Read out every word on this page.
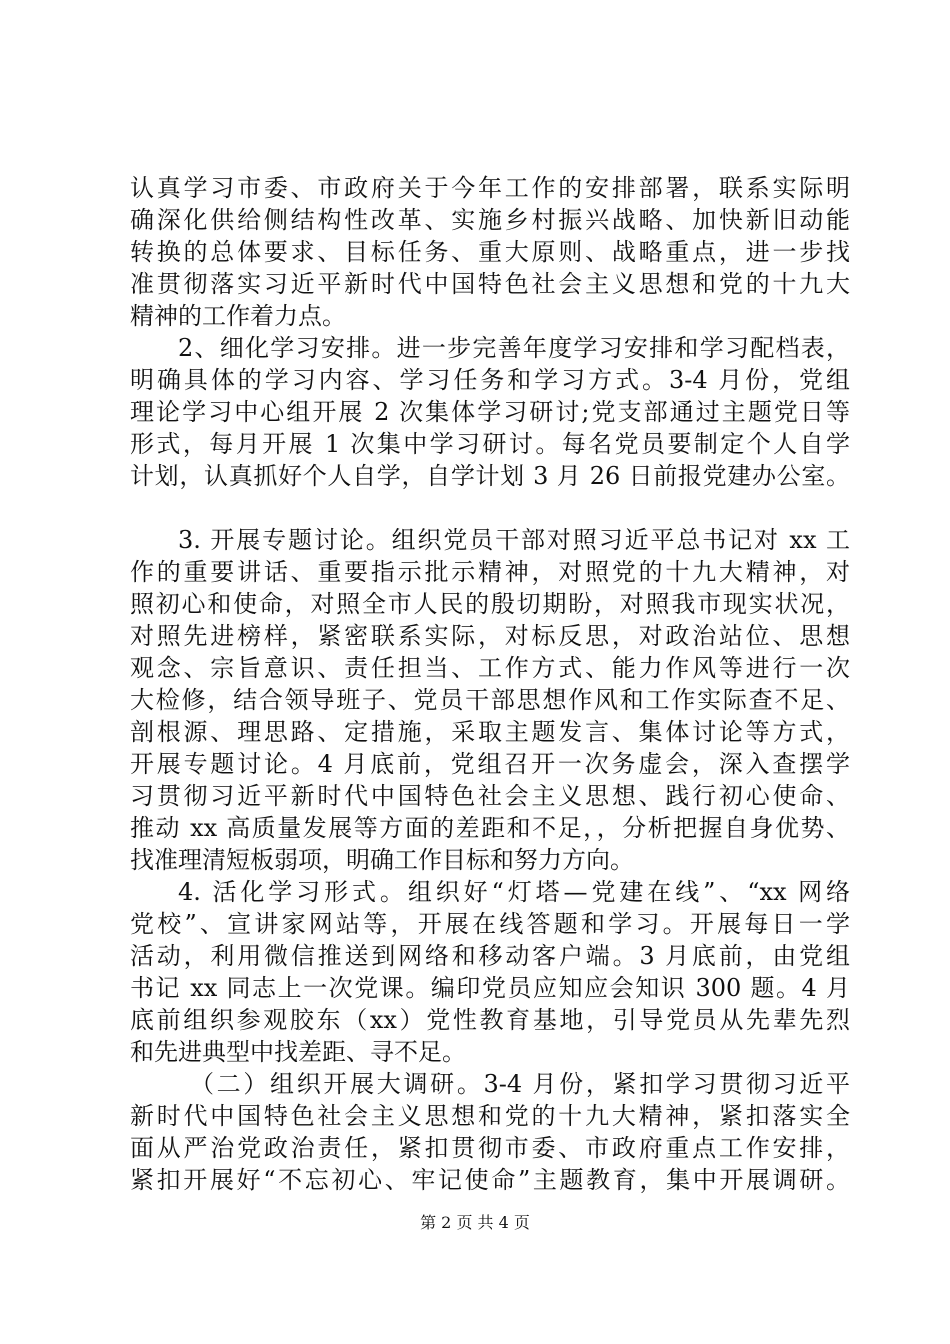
认真学习市委、市政府关于今年工作的安排部署，联系实际明
确深化供给侧结构性改革、实施乡村振兴战略、加快新旧动能
转换的总体要求、目标任务、重大原则、战略重点，进一步找
准贯彻落实习近平新时代中国特色社会主义思想和党的十九大
精神的工作着力点。
2、细化学习安排。进一步完善年度学习安排和学习配档表，
明确具体的学习内容、学习任务和学习方式。3-4 月份，党组
理论学习中心组开展 2 次集体学习研讨;党支部通过主题党日等
形式，每月开展 1 次集中学习研讨。每名党员要制定个人自学
计划，认真抓好个人自学，自学计划 3 月 26 日前报党建办公室。
3. 开展专题讨论。组织党员干部对照习近平总书记对 xx 工
作的重要讲话、重要指示批示精神，对照党的十九大精神，对
照初心和使命，对照全市人民的殷切期盼，对照我市现实状况，
对照先进榜样，紧密联系实际，对标反思，对政治站位、思想
观念、宗旨意识、责任担当、工作方式、能力作风等进行一次
大检修，结合领导班子、党员干部思想作风和工作实际查不足、
剖根源、理思路、定措施，采取主题发言、集体讨论等方式，
开展专题讨论。4 月底前，党组召开一次务虚会，深入查摆学
习贯彻习近平新时代中国特色社会主义思想、践行初心使命、
推动 xx 高质量发展等方面的差距和不足，，分析把握自身优势、
找准理清短板弱项，明确工作目标和努力方向。
4. 活化学习形式。组织好“灯塔—党建在线”、“xx 网络
党校”、宣讲家网站等，开展在线答题和学习。开展每日一学
活动，利用微信推送到网络和移动客户端。3 月底前，由党组
书记 xx 同志上一次党课。编印党员应知应会知识 300 题。4 月
底前组织参观胶东（xx）党性教育基地，引导党员从先辈先烈
和先进典型中找差距、寻不足。
（二）组织开展大调研。3-4 月份，紧扣学习贯彻习近平
新时代中国特色社会主义思想和党的十九大精神，紧扣落实全
面从严治党政治责任，紧扣贯彻市委、市政府重点工作安排，
紧扣开展好“不忘初心、牢记使命”主题教育，集中开展调研。
第 2 页 共 4 页
